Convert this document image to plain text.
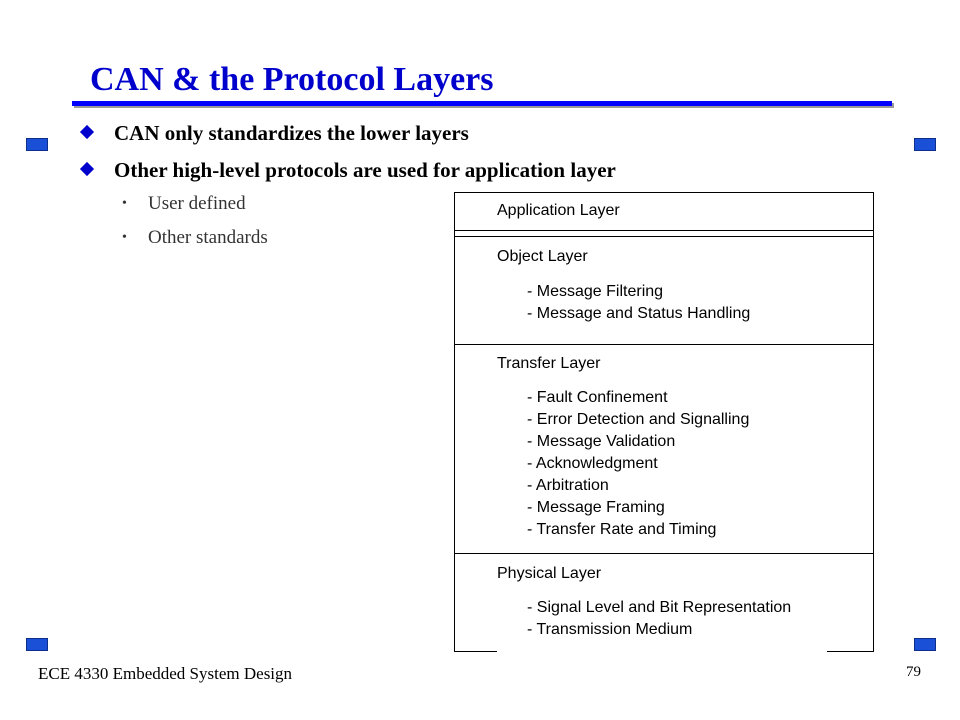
CAN & the Protocol Layers
CAN only standardizes the lower layers
Other high-level protocols are used for application layer
• User defined
• Other standards
Application Layer
Object Layer
- Message Filtering
- Message and Status Handling
Transfer Layer
- Fault Confinement
- Error Detection and Signalling
- Message Validation
- Acknowledgment
- Arbitration
- Message Framing
- Transfer Rate and Timing
Physical Layer
- Signal Level and Bit Representation
- Transmission Medium
ECE 4330 Embedded System Design	79
